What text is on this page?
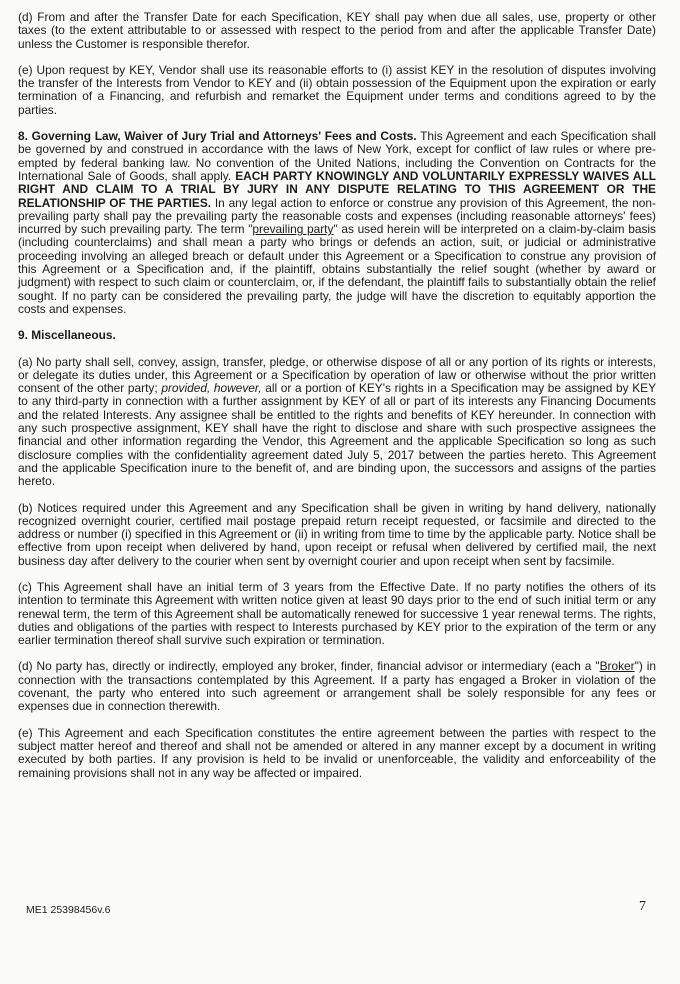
(d) From and after the Transfer Date for each Specification, KEY shall pay when due all sales, use, property or other taxes (to the extent attributable to or assessed with respect to the period from and after the applicable Transfer Date) unless the Customer is responsible therefor.

(e) Upon request by KEY, Vendor shall use its reasonable efforts to (i) assist KEY in the resolution of disputes involving the transfer of the Interests from Vendor to KEY and (ii) obtain possession of the Equipment upon the expiration or early termination of a Financing, and refurbish and remarket the Equipment under terms and conditions agreed to by the parties.

8. Governing Law, Waiver of Jury Trial and Attorneys' Fees and Costs. This Agreement and each Specification shall be governed by and construed in accordance with the laws of New York, except for conflict of law rules or where pre-empted by federal banking law. No convention of the United Nations, including the Convention on Contracts for the International Sale of Goods, shall apply. EACH PARTY KNOWINGLY AND VOLUNTARILY EXPRESSLY WAIVES ALL RIGHT AND CLAIM TO A TRIAL BY JURY IN ANY DISPUTE RELATING TO THIS AGREEMENT OR THE RELATIONSHIP OF THE PARTIES. In any legal action to enforce or construe any provision of this Agreement, the non-prevailing party shall pay the prevailing party the reasonable costs and expenses (including reasonable attorneys' fees) incurred by such prevailing party. The term "prevailing party" as used herein will be interpreted on a claim-by-claim basis (including counterclaims) and shall mean a party who brings or defends an action, suit, or judicial or administrative proceeding involving an alleged breach or default under this Agreement or a Specification to construe any provision of this Agreement or a Specification and, if the plaintiff, obtains substantially the relief sought (whether by award or judgment) with respect to such claim or counterclaim, or, if the defendant, the plaintiff fails to substantially obtain the relief sought. If no party can be considered the prevailing party, the judge will have the discretion to equitably apportion the costs and expenses.

9. Miscellaneous.

(a) No party shall sell, convey, assign, transfer, pledge, or otherwise dispose of all or any portion of its rights or interests, or delegate its duties under, this Agreement or a Specification by operation of law or otherwise without the prior written consent of the other party; provided, however, all or a portion of KEY's rights in a Specification may be assigned by KEY to any third-party in connection with a further assignment by KEY of all or part of its interests any Financing Documents and the related Interests. Any assignee shall be entitled to the rights and benefits of KEY hereunder. In connection with any such prospective assignment, KEY shall have the right to disclose and share with such prospective assignees the financial and other information regarding the Vendor, this Agreement and the applicable Specification so long as such disclosure complies with the confidentiality agreement dated July 5, 2017 between the parties hereto. This Agreement and the applicable Specification inure to the benefit of, and are binding upon, the successors and assigns of the parties hereto.

(b) Notices required under this Agreement and any Specification shall be given in writing by hand delivery, nationally recognized overnight courier, certified mail postage prepaid return receipt requested, or facsimile and directed to the address or number (i) specified in this Agreement or (ii) in writing from time to time by the applicable party. Notice shall be effective from upon receipt when delivered by hand, upon receipt or refusal when delivered by certified mail, the next business day after delivery to the courier when sent by overnight courier and upon receipt when sent by facsimile.

(c) This Agreement shall have an initial term of 3 years from the Effective Date. If no party notifies the others of its intention to terminate this Agreement with written notice given at least 90 days prior to the end of such initial term or any renewal term, the term of this Agreement shall be automatically renewed for successive 1 year renewal terms. The rights, duties and obligations of the parties with respect to Interests purchased by KEY prior to the expiration of the term or any earlier termination thereof shall survive such expiration or termination.

(d) No party has, directly or indirectly, employed any broker, finder, financial advisor or intermediary (each a "Broker") in connection with the transactions contemplated by this Agreement. If a party has engaged a Broker in violation of the covenant, the party who entered into such agreement or arrangement shall be solely responsible for any fees or expenses due in connection therewith.

(e) This Agreement and each Specification constitutes the entire agreement between the parties with respect to the subject matter hereof and thereof and shall not be amended or altered in any manner except by a document in writing executed by both parties. If any provision is held to be invalid or unenforceable, the validity and enforceability of the remaining provisions shall not in any way be affected or impaired.

ME1 25398456v.6	7
